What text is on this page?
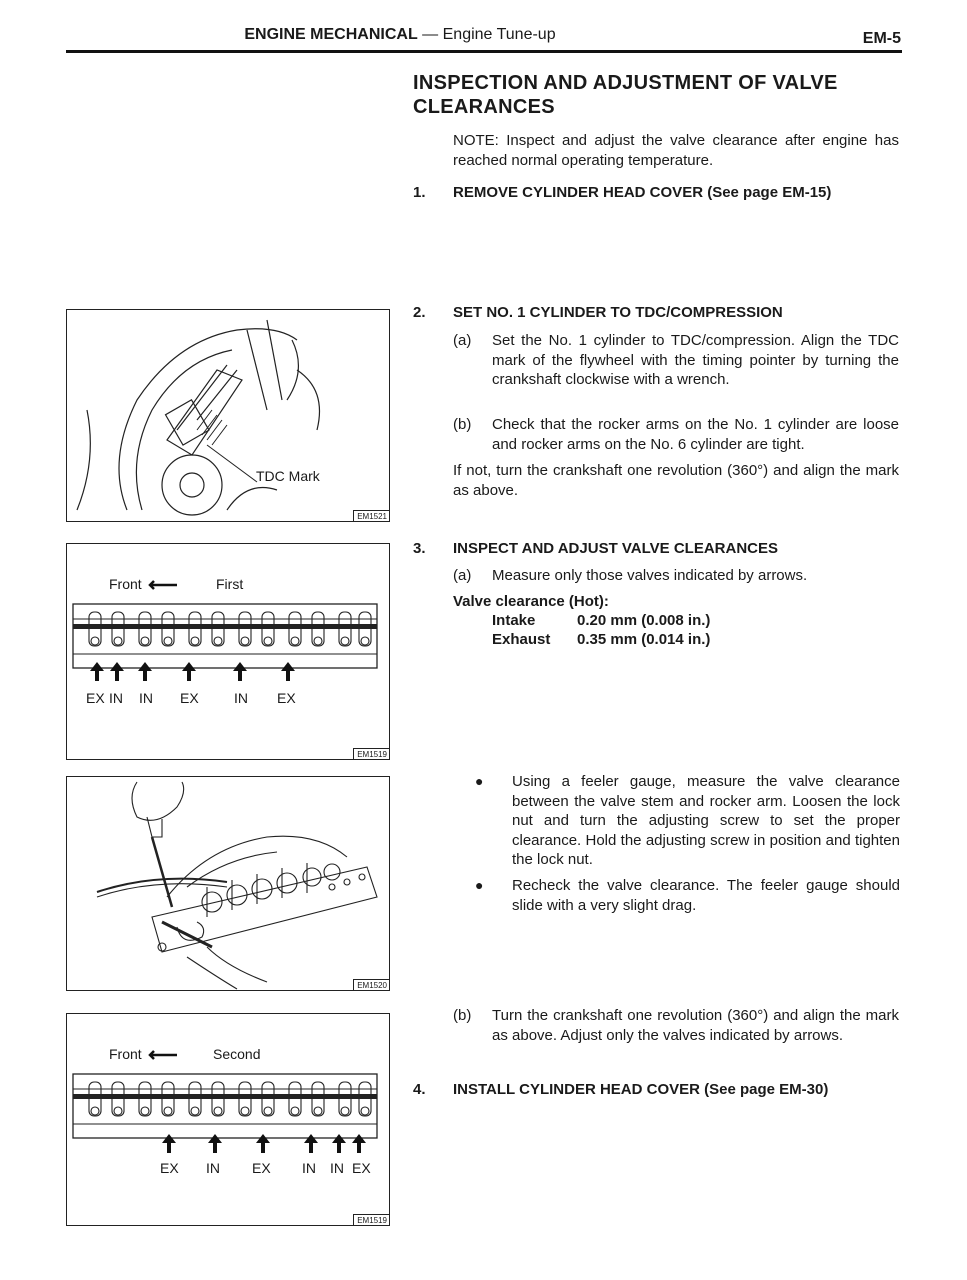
ENGINE MECHANICAL — Engine Tune-up	EM-5
INSPECTION AND ADJUSTMENT OF VALVE CLEARANCES
NOTE: Inspect and adjust the valve clearance after engine has reached normal operating temperature.
1. REMOVE CYLINDER HEAD COVER (See page EM-15)
2. SET NO. 1 CYLINDER TO TDC/COMPRESSION
(a) Set the No. 1 cylinder to TDC/compression. Align the TDC mark of the flywheel with the timing pointer by turning the crankshaft clockwise with a wrench.
(b) Check that the rocker arms on the No. 1 cylinder are loose and rocker arms on the No. 6 cylinder are tight.
If not, turn the crankshaft one revolution (360°) and align the mark as above.
3. INSPECT AND ADJUST VALVE CLEARANCES
(a) Measure only those valves indicated by arrows.
Valve clearance (Hot):
Intake	0.20 mm (0.008 in.)
Exhaust 0.35 mm (0.014 in.)
● Using a feeler gauge, measure the valve clearance between the valve stem and rocker arm. Loosen the lock nut and turn the adjusting screw to set the proper clearance. Hold the adjusting screw in position and tighten the lock nut.
● Recheck the valve clearance. The feeler gauge should slide with a very slight drag.
(b) Turn the crankshaft one revolution (360°) and align the mark as above. Adjust only the valves indicated by arrows.
4. INSTALL CYLINDER HEAD COVER (See page EM-30)
TDC Mark
EM1521
Front	First
EX IN IN EX	IN EX
EM1519
EM1520
Front	Second
EX IN EX IN IN EX
EM1519
